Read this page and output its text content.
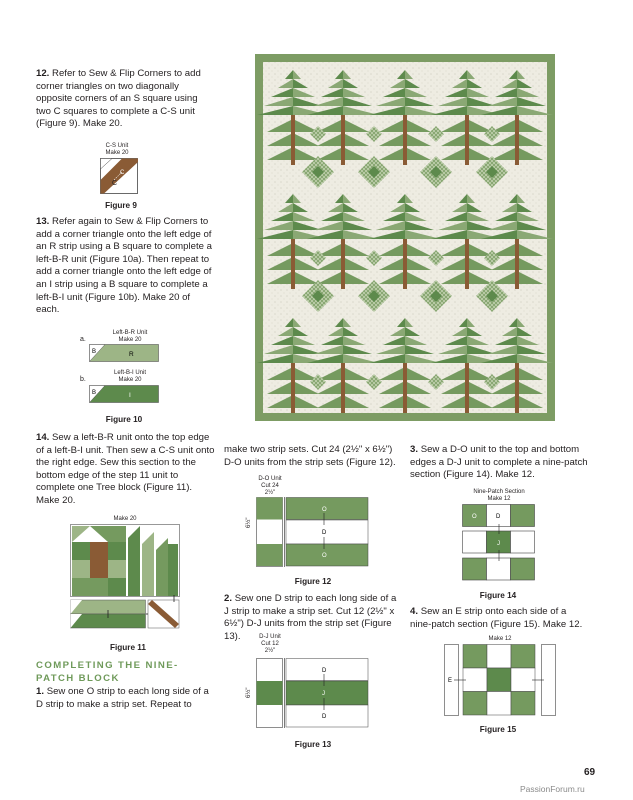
12. Refer to Sew & Flip Corners to add corner triangles on two diagonally opposite corners of an S square using two C squares to complete a C-S unit (Figure 9). Make 20.
C-S Unit
Make 20
C
C
Figure 9
13. Refer again to Sew & Flip Corners to add a corner triangle onto the left edge of an R strip using a B square to complete a left-B-R unit (Figure 10a). Then repeat to add a corner triangle onto the left edge of an I strip using a B square to complete a left-B-I unit (Figure 10b). Make 20 of each.
Left-B-R Unit
Make 20
a.
B	R
Left-B-I Unit
Make 20
b.
B	I
Figure 10
14. Sew a left-B-R unit onto the top edge of a left-B-I unit. Then sew a C-S unit onto the right edge. Sew this section to the bottom edge of the step 11 unit to complete one Tree block (Figure 11). Make 20.
Make 20
Figure 11
COMPLETING THE NINE-PATCH BLOCK
1. Sew one O strip to each long side of a D strip to make a strip set. Repeat to
make two strip sets. Cut 24 (2½" x 6½") D-O units from the strip sets (Figure 12).
D-O Unit
Cut 24
2½"
6½"
O
D
O
Figure 12
2. Sew one D strip to each long side of a J strip to make a strip set. Cut 12 (2½" x 6½") D-J units from the strip set (Figure 13).	D-J Unit
Cut 12
2½"
6½"
D
J
D
Figure 13
3. Sew a D-O unit to the top and bottom edges a D-J unit to complete a nine-patch section (Figure 14). Make 12.
Nine-Patch Section
Make 12
O	D
J
Figure 14
4. Sew an E strip onto each side of a nine-patch section (Figure 15). Make 12.
Make 12
E
Figure 15
69
PassionForum.ru
